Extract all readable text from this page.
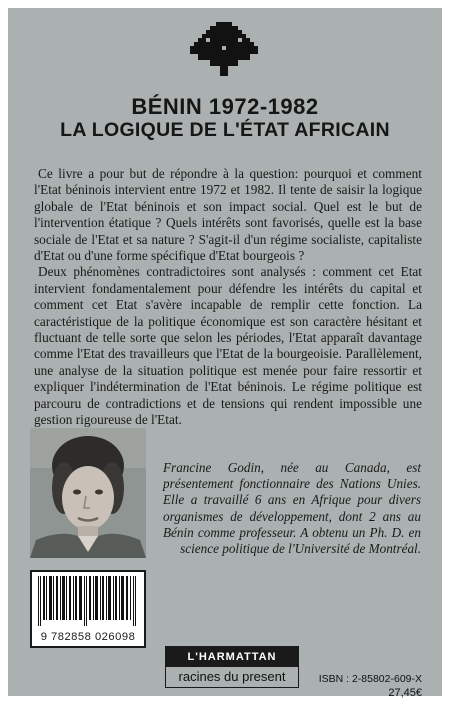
BÉNIN 1972-1982
LA LOGIQUE DE L'ÉTAT AFRICAIN

Ce livre a pour but de répondre à la question: pourquoi et comment l'Etat béninois intervient entre 1972 et 1982. Il tente de saisir la logique globale de l'Etat béninois et son impact social. Quel est le but de l'intervention étatique ? Quels intérêts sont favorisés, quelle est la base sociale de l'Etat et sa nature ? S'agit-il d'un régime socialiste, capitaliste d'Etat ou d'une forme spécifique d'Etat bourgeois ?

Deux phénomènes contradictoires sont analysés : comment cet Etat intervient fondamentalement pour défendre les intérêts du capital et comment cet Etat s'avère incapable de remplir cette fonction. La caractéristique de la politique économique est son caractère hésitant et fluctuant de telle sorte que selon les périodes, l'Etat apparaît davantage comme l'Etat des travailleurs que l'Etat de la bourgeoisie. Parallèlement, une analyse de la situation politique est menée pour faire ressortir et expliquer l'indétermination de l'Etat béninois. Le régime politique est parcouru de contradictions et de tensions qui rendent impossible une gestion rigoureuse de l'Etat.

Francine Godin, née au Canada, est présentement fonctionnaire des Nations Unies. Elle a travaillé 6 ans en Afrique pour divers organismes de développement, dont 2 ans au Bénin comme professeur. A obtenu un Ph. D. en science politique de l'Université de Montréal.
9 782858 026098
L'HARMATTAN
racines du present	ISBN : 2-85802-609-X
27,45€
